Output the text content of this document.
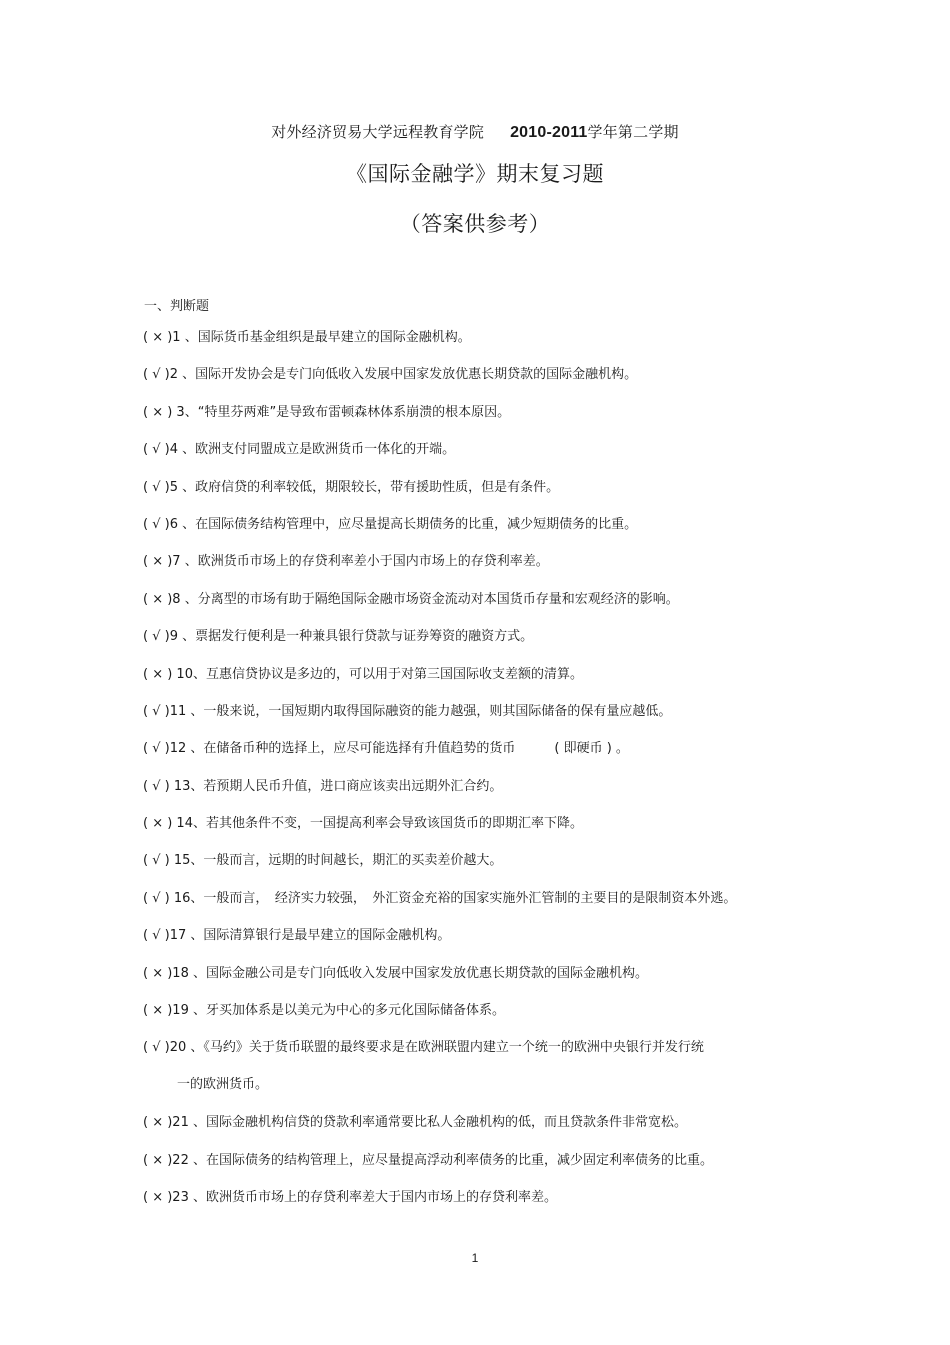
对外经济贸易大学远程教育学院 2010-2011学年第二学期
《国际金融学》期末复习题
（答案供参考）
一、判断题
( × )1 、国际货币基金组织是最早建立的国际金融机构。
( √ )2 、国际开发协会是专门向低收入发展中国家发放优惠长期贷款的国际金融机构。
( × ) 3、“特里芬两难”是导致布雷顿森林体系崩溃的根本原因。
( √ )4 、欧洲支付同盟成立是欧洲货币一体化的开端。
( √ )5 、政府信贷的利率较低，期限较长，带有援助性质，但是有条件。
( √ )6 、在国际债务结构管理中，应尽量提高长期债务的比重，减少短期债务的比重。
( × )7 、欧洲货币市场上的存贷利率差小于国内市场上的存贷利率差。
( × )8 、分离型的市场有助于隔绝国际金融市场资金流动对本国货币存量和宏观经济的影响。
( √ )9 、票据发行便利是一种兼具银行贷款与证券筹资的融资方式。
( × ) 10、互惠信贷协议是多边的，可以用于对第三国国际收支差额的清算。
( √ )11 、一般来说，一国短期内取得国际融资的能力越强，则其国际储备的保有量应越低。
( √ )12 、在储备币种的选择上，应尽可能选择有升值趋势的货币　　　( 即硬币 ) 。
( √ ) 13、若预期人民币升值，进口商应该卖出远期外汇合约。
( × ) 14、若其他条件不变，一国提高利率会导致该国货币的即期汇率下降。
( √ ) 15、一般而言，远期的时间越长，期汇的买卖差价越大。
( √ ) 16、一般而言，　经济实力较强，　外汇资金充裕的国家实施外汇管制的主要目的是限制资本外逃。
( √ )17 、国际清算银行是最早建立的国际金融机构。
( × )18 、国际金融公司是专门向低收入发展中国家发放优惠长期贷款的国际金融机构。
( × )19 、牙买加体系是以美元为中心的多元化国际储备体系。
( √ )20 、《马约》关于货币联盟的最终要求是在欧洲联盟内建立一个统一的欧洲中央银行并发行统
一的欧洲货币。
( × )21 、国际金融机构信贷的贷款利率通常要比私人金融机构的低，而且贷款条件非常宽松。
( × )22 、在国际债务的结构管理上，应尽量提高浮动利率债务的比重，减少固定利率债务的比重。
( × )23 、欧洲货币市场上的存贷利率差大于国内市场上的存贷利率差。
1
